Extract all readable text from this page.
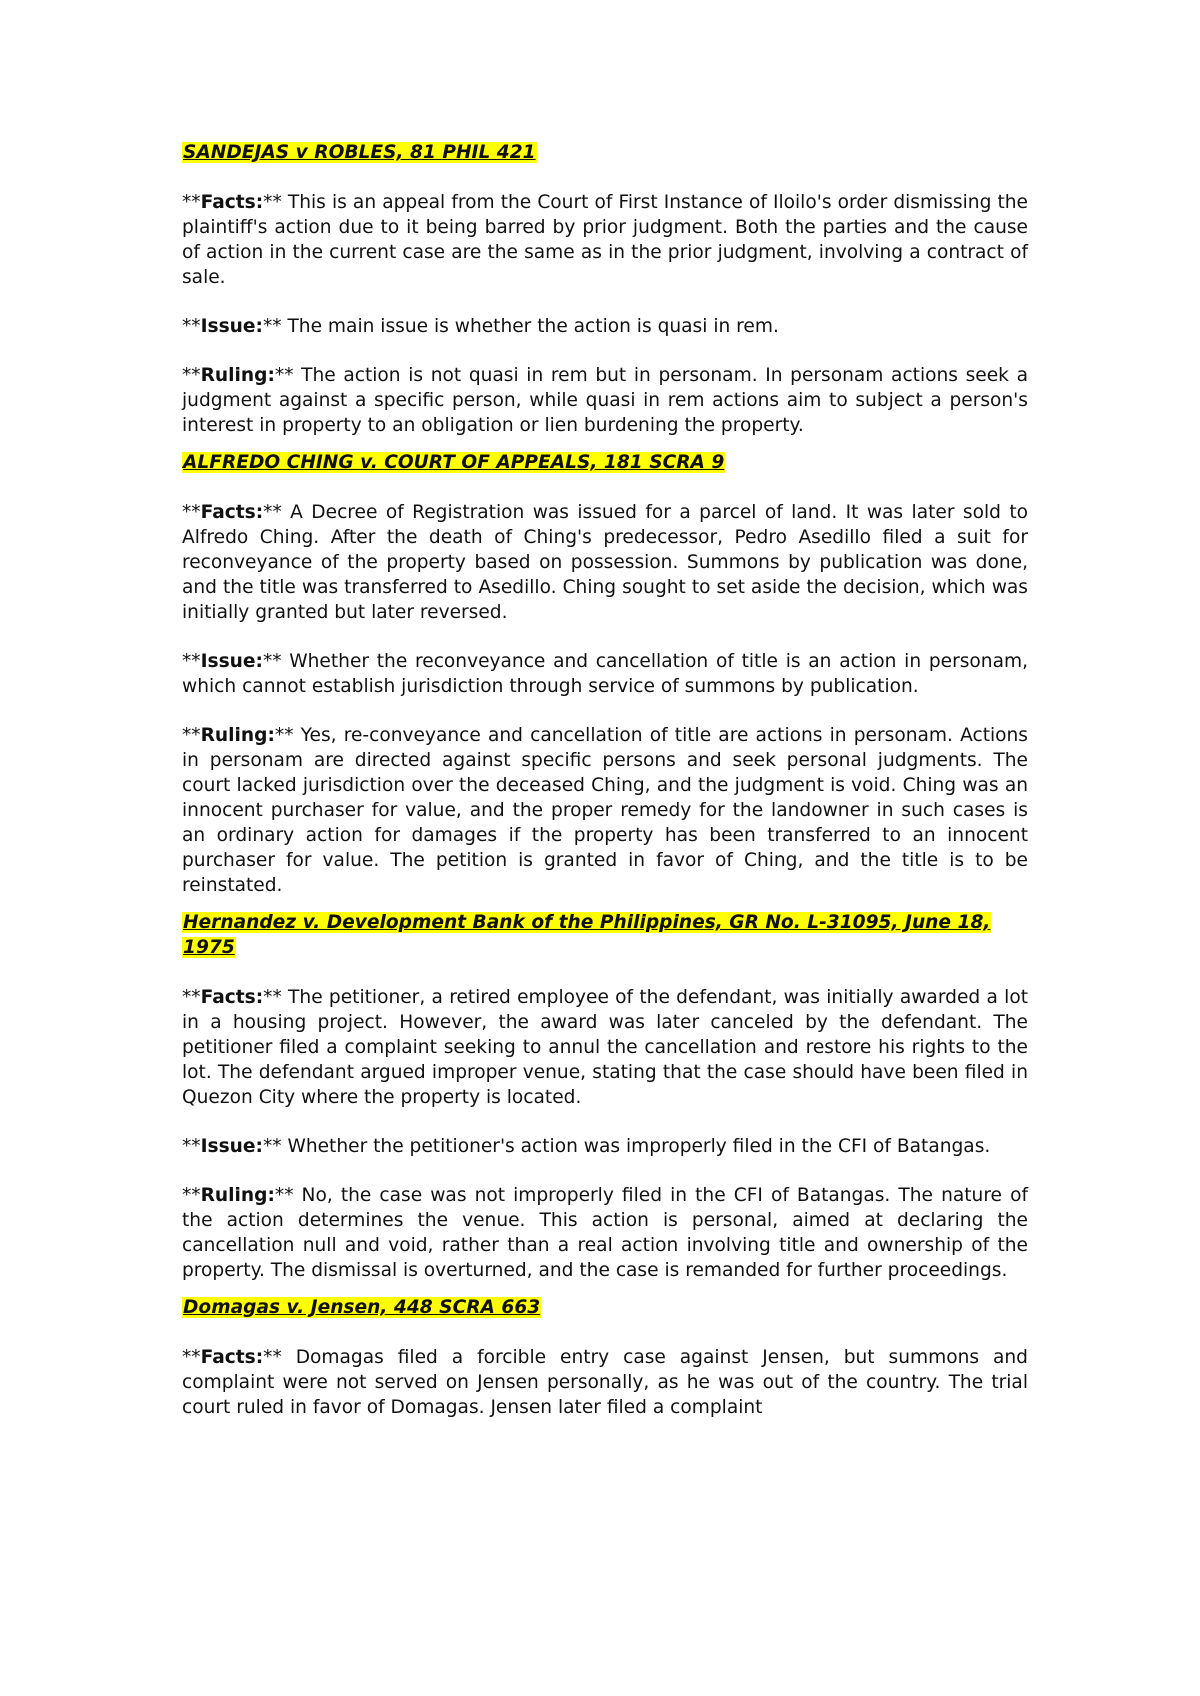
SANDEJAS v ROBLES, 81 PHIL 421

**Facts:** This is an appeal from the Court of First Instance of Iloilo's order dismissing the plaintiff's action due to it being barred by prior judgment. Both the parties and the cause of action in the current case are the same as in the prior judgment, involving a contract of sale.

**Issue:** The main issue is whether the action is quasi in rem.

**Ruling:** The action is not quasi in rem but in personam. In personam actions seek a judgment against a specific person, while quasi in rem actions aim to subject a person's interest in property to an obligation or lien burdening the property.

ALFREDO CHING v. COURT OF APPEALS, 181 SCRA 9

**Facts:** A Decree of Registration was issued for a parcel of land. It was later sold to Alfredo Ching. After the death of Ching's predecessor, Pedro Asedillo filed a suit for reconveyance of the property based on possession. Summons by publication was done, and the title was transferred to Asedillo. Ching sought to set aside the decision, which was initially granted but later reversed.

**Issue:** Whether the reconveyance and cancellation of title is an action in personam, which cannot establish jurisdiction through service of summons by publication.

**Ruling:** Yes, re-conveyance and cancellation of title are actions in personam. Actions in personam are directed against specific persons and seek personal judgments. The court lacked jurisdiction over the deceased Ching, and the judgment is void. Ching was an innocent purchaser for value, and the proper remedy for the landowner in such cases is an ordinary action for damages if the property has been transferred to an innocent purchaser for value. The petition is granted in favor of Ching, and the title is to be reinstated.

Hernandez v. Development Bank of the Philippines, GR No. L-31095, June 18, 1975

**Facts:** The petitioner, a retired employee of the defendant, was initially awarded a lot in a housing project. However, the award was later canceled by the defendant. The petitioner filed a complaint seeking to annul the cancellation and restore his rights to the lot. The defendant argued improper venue, stating that the case should have been filed in Quezon City where the property is located.

**Issue:** Whether the petitioner's action was improperly filed in the CFI of Batangas.

**Ruling:** No, the case was not improperly filed in the CFI of Batangas. The nature of the action determines the venue. This action is personal, aimed at declaring the cancellation null and void, rather than a real action involving title and ownership of the property. The dismissal is overturned, and the case is remanded for further proceedings.

Domagas v. Jensen, 448 SCRA 663

**Facts:** Domagas filed a forcible entry case against Jensen, but summons and complaint were not served on Jensen personally, as he was out of the country. The trial court ruled in favor of Domagas. Jensen later filed a complaint
